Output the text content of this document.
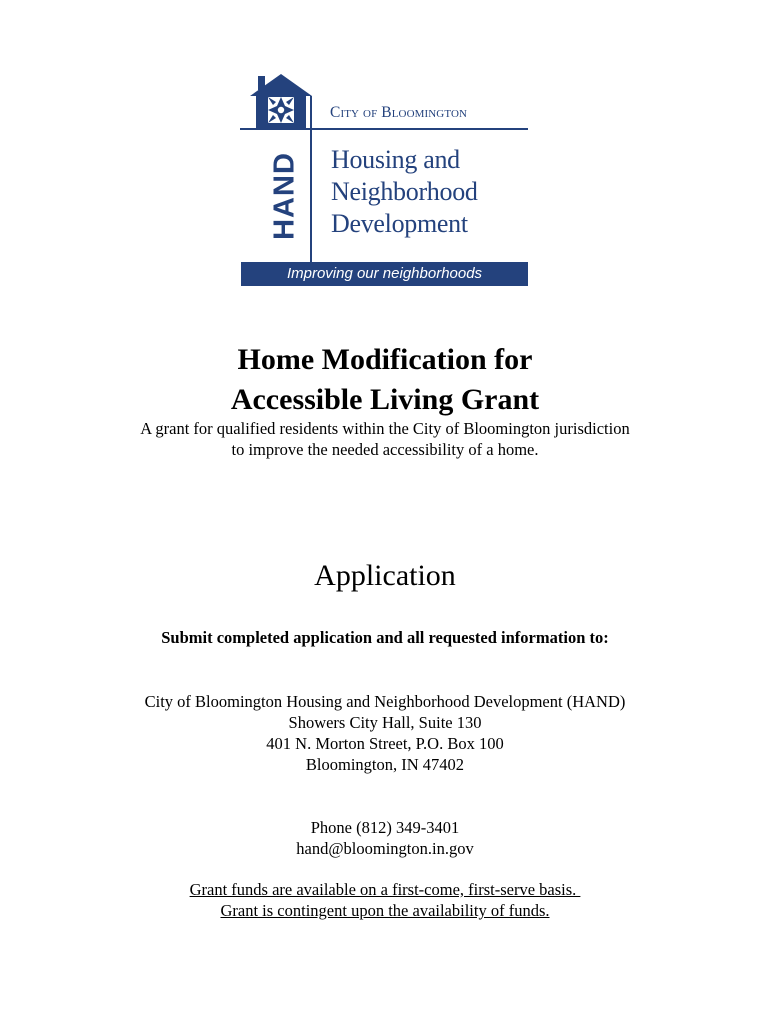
City of Bloomington
HAND Housing and
Neighborhood
Development
Improving our neighborhoods
Home Modification for
Accessible Living Grant
A grant for qualified residents within the City of Bloomington jurisdiction
to improve the needed accessibility of a home.
Application
Submit completed application and all requested information to:
City of Bloomington Housing and Neighborhood Development (HAND)
Showers City Hall, Suite 130
401 N. Morton Street, P.O. Box 100
Bloomington, IN 47402
Phone (812) 349-3401
hand@bloomington.in.gov
Grant funds are available on a first-come, first-serve basis.
Grant is contingent upon the availability of funds.
